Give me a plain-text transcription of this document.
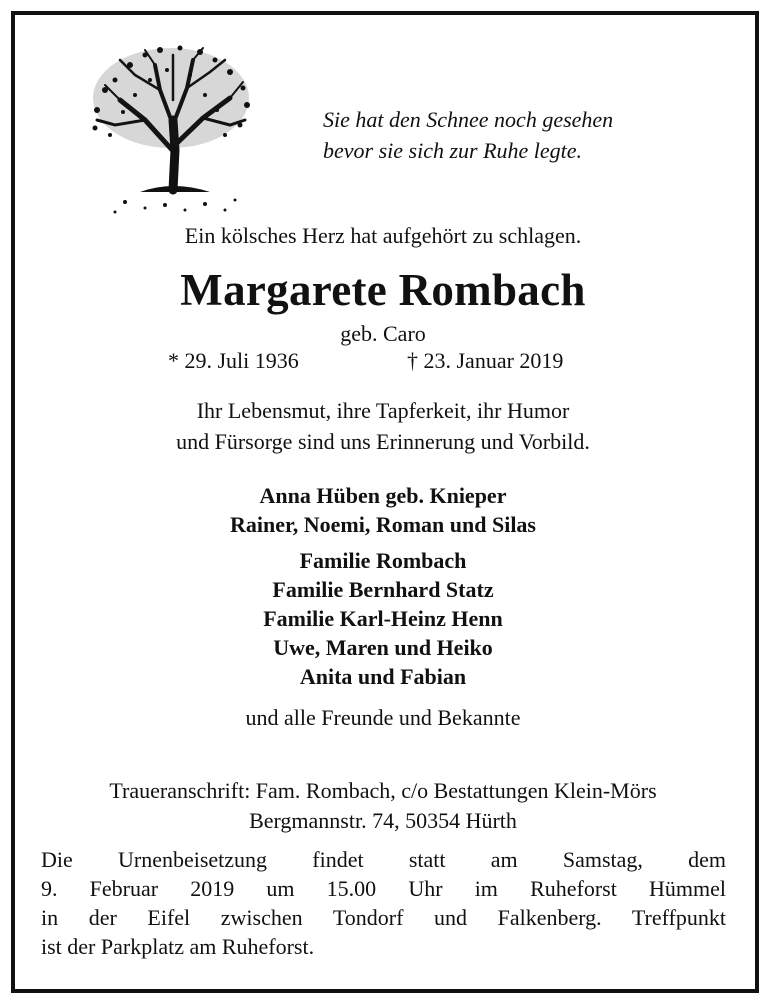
Sie hat den Schnee noch gesehen
bevor sie sich zur Ruhe legte.
Ein kölsches Herz hat aufgehört zu schlagen.
Margarete Rombach
geb. Caro
* 29. Juli 1936	† 23. Januar 2019
Ihr Lebensmut, ihre Tapferkeit, ihr Humor
und Fürsorge sind uns Erinnerung und Vorbild.
Anna Hüben geb. Knieper
Rainer, Noemi, Roman und Silas
Familie Rombach
Familie Bernhard Statz
Familie Karl-Heinz Henn
Uwe, Maren und Heiko
Anita und Fabian
und alle Freunde und Bekannte
Traueranschrift: Fam. Rombach, c/o Bestattungen Klein-Mörs
Bergmannstr. 74, 50354 Hürth
Die Urnenbeisetzung findet statt am Samstag, dem
9. Februar 2019 um 15.00 Uhr im Ruheforst Hümmel
in der Eifel zwischen Tondorf und Falkenberg. Treffpunkt
ist der Parkplatz am Ruheforst.
